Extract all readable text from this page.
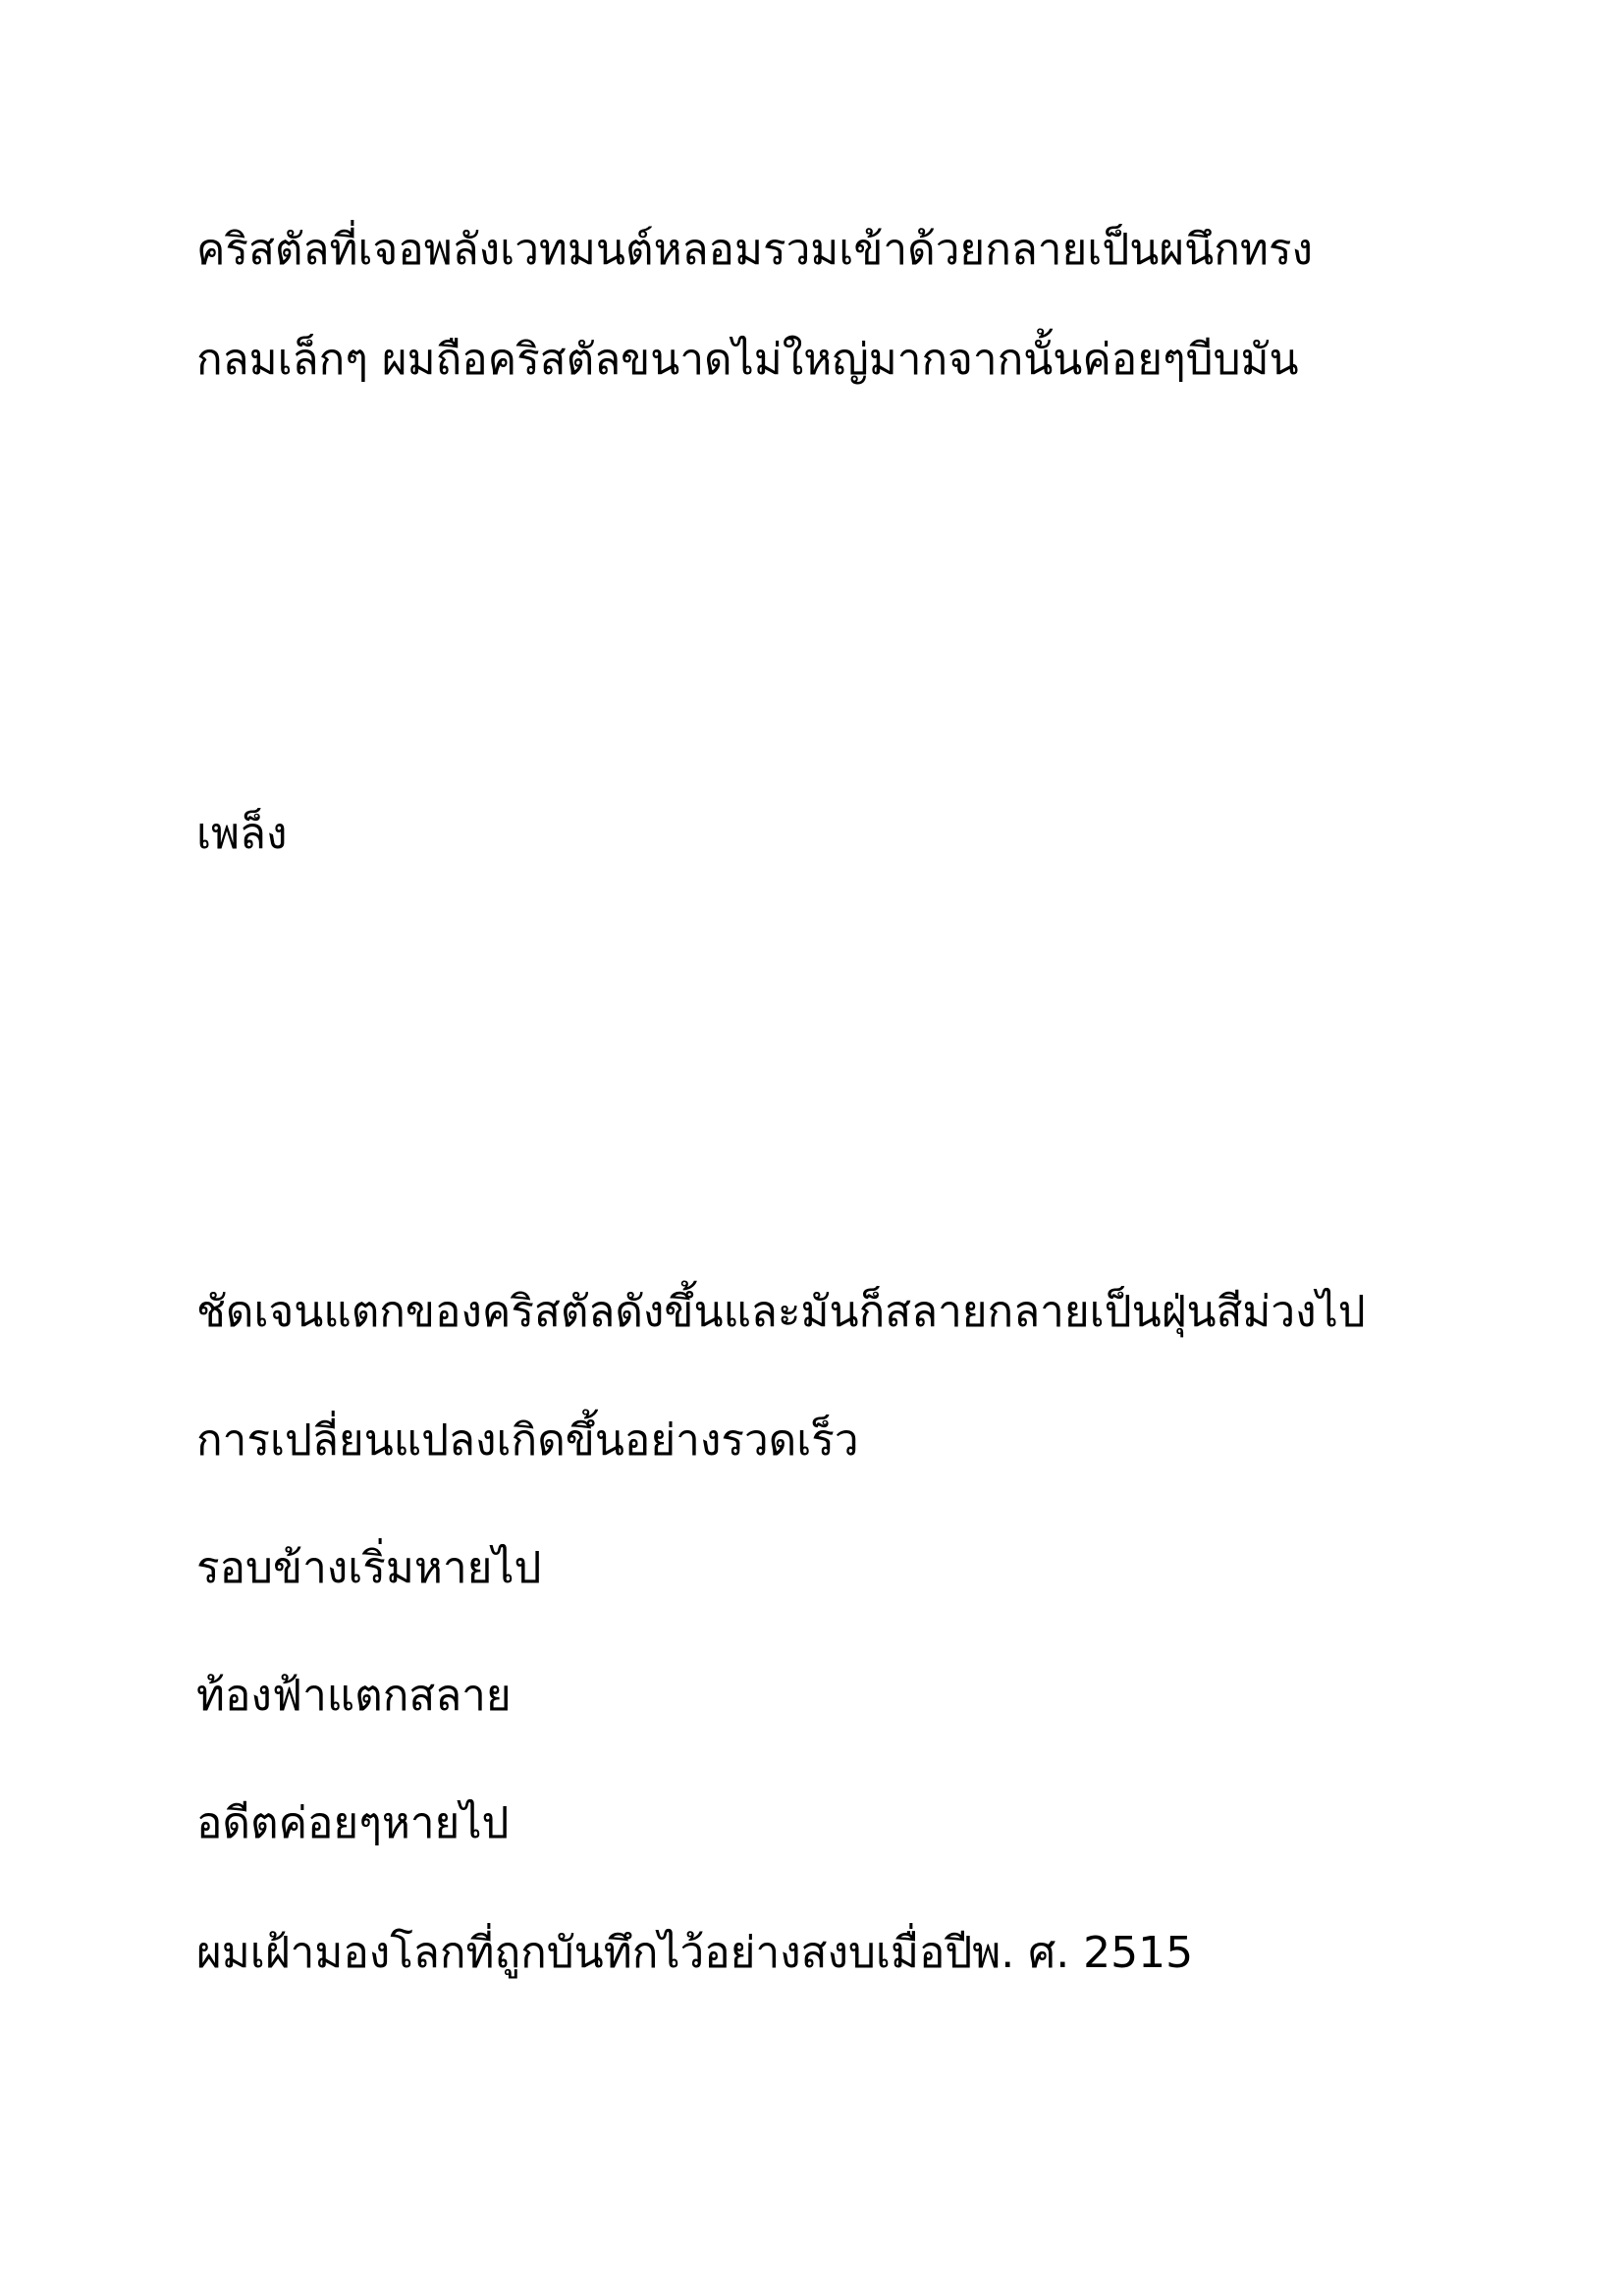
คริสตัลที่เจอพลังเวทมนต์หลอมรวมเข้าด้วยกลายเป็นผนึกทรง

กลมเล็กๆ ผมถือคริสตัลขนาดไม่ใหญ่มากจากนั้นค่อยๆบีบมัน

เพล็ง

ชัดเจนแตกของคริสตัลดังขึ้นและมันก็สลายกลายเป็นฝุ่นสีม่วงไป

การเปลี่ยนแปลงเกิดขึ้นอย่างรวดเร็ว

รอบข้างเริ่มหายไป

ท้องฟ้าแตกสลาย

อดีตค่อยๆหายไป

ผมเฝ้ามองโลกที่ถูกบันทึกไว้อย่างสงบเมื่อปีพ. ศ. 2515
